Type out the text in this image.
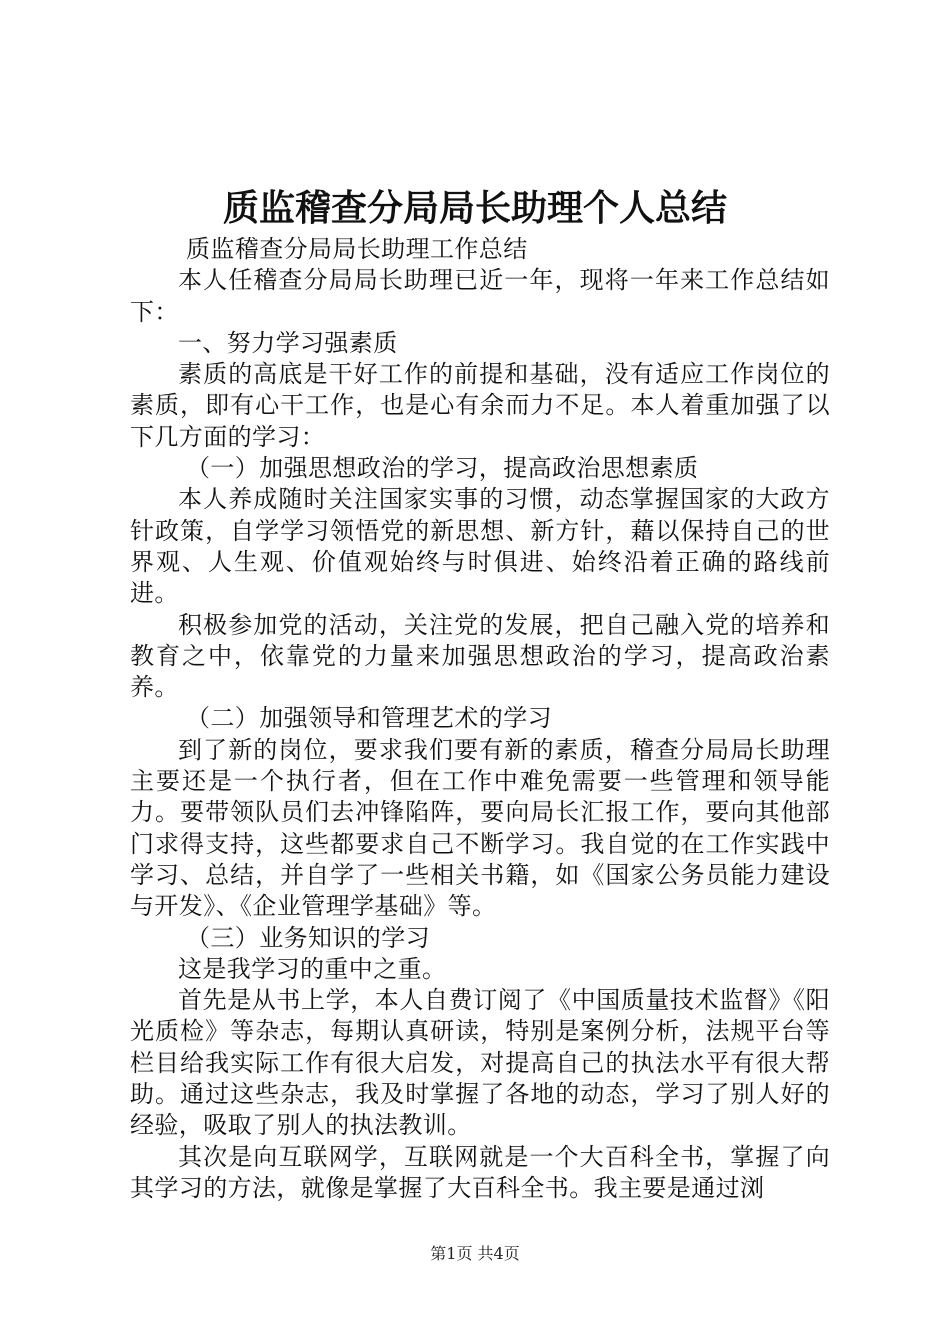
质监稽查分局局长助理个人总结

质监稽查分局局长助理工作总结

本人任稽查分局局长助理已近一年，现将一年来工作总结如下：

一、努力学习强素质

素质的高底是干好工作的前提和基础，没有适应工作岗位的素质，即有心干工作，也是心有余而力不足。本人着重加强了以下几方面的学习：

（一）加强思想政治的学习，提高政治思想素质

本人养成随时关注国家实事的习惯，动态掌握国家的大政方针政策，自学学习领悟党的新思想、新方针，藉以保持自己的世界观、人生观、价值观始终与时俱进、始终沿着正确的路线前进。

积极参加党的活动，关注党的发展，把自己融入党的培养和教育之中，依靠党的力量来加强思想政治的学习，提高政治素养。

（二）加强领导和管理艺术的学习

到了新的岗位，要求我们要有新的素质，稽查分局局长助理主要还是一个执行者，但在工作中难免需要一些管理和领导能力。要带领队员们去冲锋陷阵，要向局长汇报工作，要向其他部门求得支持，这些都要求自己不断学习。我自觉的在工作实践中学习、总结，并自学了一些相关书籍，如《国家公务员能力建设与开发》、《企业管理学基础》等。

（三）业务知识的学习

这是我学习的重中之重。

首先是从书上学，本人自费订阅了《中国质量技术监督》《阳光质检》等杂志，每期认真研读，特别是案例分析，法规平台等栏目给我实际工作有很大启发，对提高自己的执法水平有很大帮助。通过这些杂志，我及时掌握了各地的动态，学习了别人好的经验，吸取了别人的执法教训。

其次是向互联网学，互联网就是一个大百科全书，掌握了向其学习的方法，就像是掌握了大百科全书。我主要是通过浏

第1页 共4页
